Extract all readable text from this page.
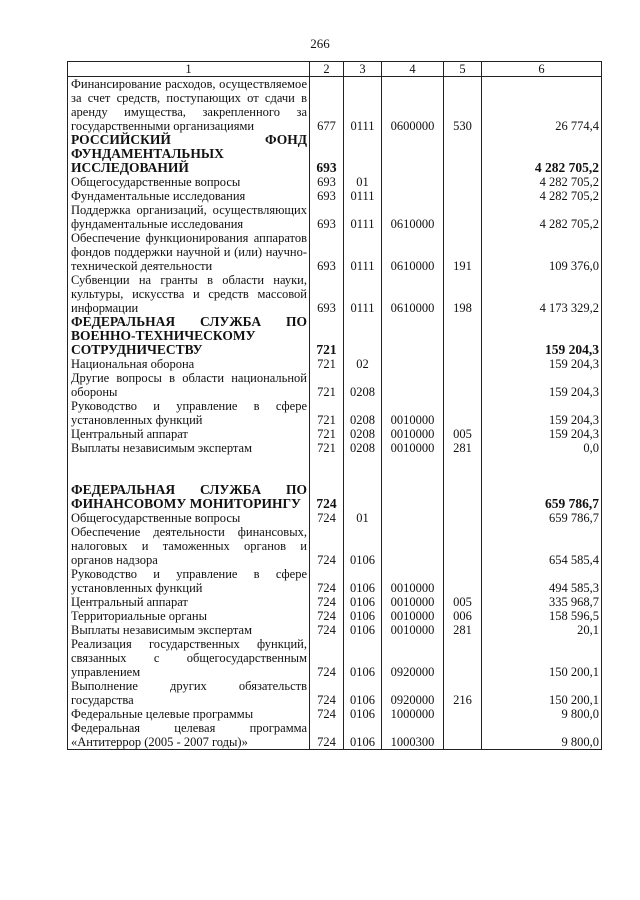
266
1	2	3	4	5	6

Финансирование расходов, осуществляемое за счет средств, поступающих от сдачи в аренду имущества, закрепленного за государственными организациями	677	0111	0600000	530	26 774,4

РОССИЙСКИЙ ФОНД ФУНДАМЕНТАЛЬНЫХ ИССЛЕДОВАНИЙ	693				4 282 705,2

Общегосударственные вопросы	693	01			4 282 705,2

Фундаментальные исследования	693	0111			4 282 705,2

Поддержка организаций, осуществляющих фундаментальные исследования	693	0111	0610000		4 282 705,2

Обеспечение функционирования аппаратов фондов поддержки научной и (или) научно-технической деятельности	693	0111	0610000	191	109 376,0

Субвенции на гранты в области науки, культуры, искусства и средств массовой информации	693	0111	0610000	198	4 173 329,2

ФЕДЕРАЛЬНАЯ СЛУЖБА ПО ВОЕННО-ТЕХНИЧЕСКОМУ СОТРУДНИЧЕСТВУ	721				159 204,3

Национальная оборона	721	02			159 204,3

Другие вопросы в области национальной обороны	721	0208			159 204,3

Руководство и управление в сфере установленных функций	721	0208	0010000		159 204,3

Центральный аппарат	721	0208	0010000	005	159 204,3

Выплаты независимым экспертам	721	0208	0010000	281	0,0

ФЕДЕРАЛЬНАЯ СЛУЖБА ПО ФИНАНСОВОМУ МОНИТОРИНГУ	724				659 786,7

Общегосударственные вопросы	724	01			659 786,7

Обеспечение деятельности финансовых, налоговых и таможенных органов и органов надзора	724	0106			654 585,4

Руководство и управление в сфере установленных функций	724	0106	0010000		494 585,3

Центральный аппарат	724	0106	0010000	005	335 968,7

Территориальные органы	724	0106	0010000	006	158 596,5

Выплаты независимым экспертам	724	0106	0010000	281	20,1

Реализация государственных функций, связанных с общегосударственным управлением	724	0106	0920000		150 200,1

Выполнение других обязательств государства	724	0106	0920000	216	150 200,1

Федеральные целевые программы	724	0106	1000000		9 800,0

Федеральная целевая программа «Антитеррор (2005 - 2007 годы)»	724	0106	1000300		9 800,0
